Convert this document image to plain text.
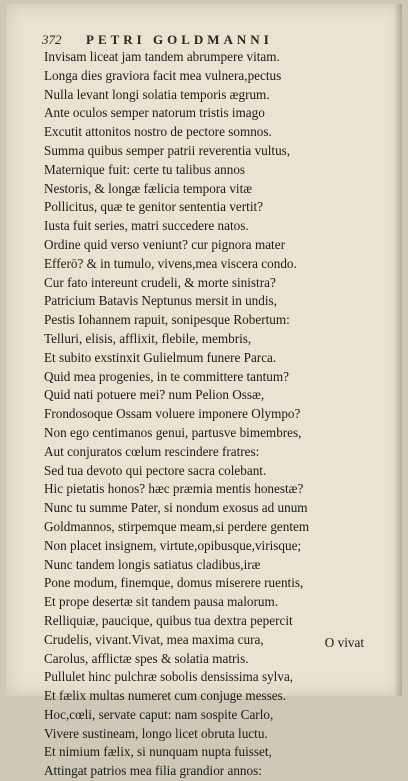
372 PETRI GOLDMANNI
Invisam liceat jam tandem abrumpere vitam.
Longa dies graviora facit mea vulnera,pectus
Nulla levant longi solatia temporis ægrum.
Ante oculos semper natorum tristis imago
Excutit attonitos nostro de pectore somnos.
Summa quibus semper patrii reverentia vultus,
Maternique fuit: certe tu talibus annos
Nestoris, & longæ fælicia tempora vitæ
Pollicitus, quæ te genitor sententia vertit?
Iusta fuit series, matri succedere natos.
Ordine quid verso veniunt? cur pignora mater
Efferō? & in tumulo, vivens,mea viscera condo.
Cur fato intereunt crudeli, & morte sinistra?
Patricium Batavis Neptunus mersit in undis,
Pestis Iohannem rapuit, sonipesque Robertum:
Telluri, elisis, afflixit, flebile, membris,
Et subito exstinxit Gulielmum funere Parca.
Quid mea progenies, in te committere tantum?
Quid nati potuere mei? num Pelion Ossæ,
Frondosoque Ossam voluere imponere Olympo?
Non ego centimanos genui, partusve bimembres,
Aut conjuratos cœlum rescindere fratres:
Sed tua devoto qui pectore sacra colebant.
Hic pietatis honos? hæc præmia mentis honestæ?
Nunc tu summe Pater, si nondum exosus ad unum
Goldmannos, stirpemque meam,si perdere gentem
Non placet insignem, virtute,opibusque,virisque;
Nunc tandem longis satiatus cladibus,iræ
Pone modum, finemque, domus miserere ruentis,
Et prope desertæ sit tandem pausa malorum.
Relliquiæ, paucique, quibus tua dextra pepercit
Crudelis, vivant.Vivat, mea maxima cura,
Carolus, afflictæ spes & solatia matris.
Pullulet hinc pulchræ sobolis densissima sylva,
Et fælix multas numeret cum conjuge messes.
Hoc,cœli, servate caput: nam sospite Carlo,
Vivere sustineam, longo licet obruta luctu.
Et nimium fælix, si nunquam nupta fuisset,
Attingat patrios mea filia grandior annos:
O vivat
